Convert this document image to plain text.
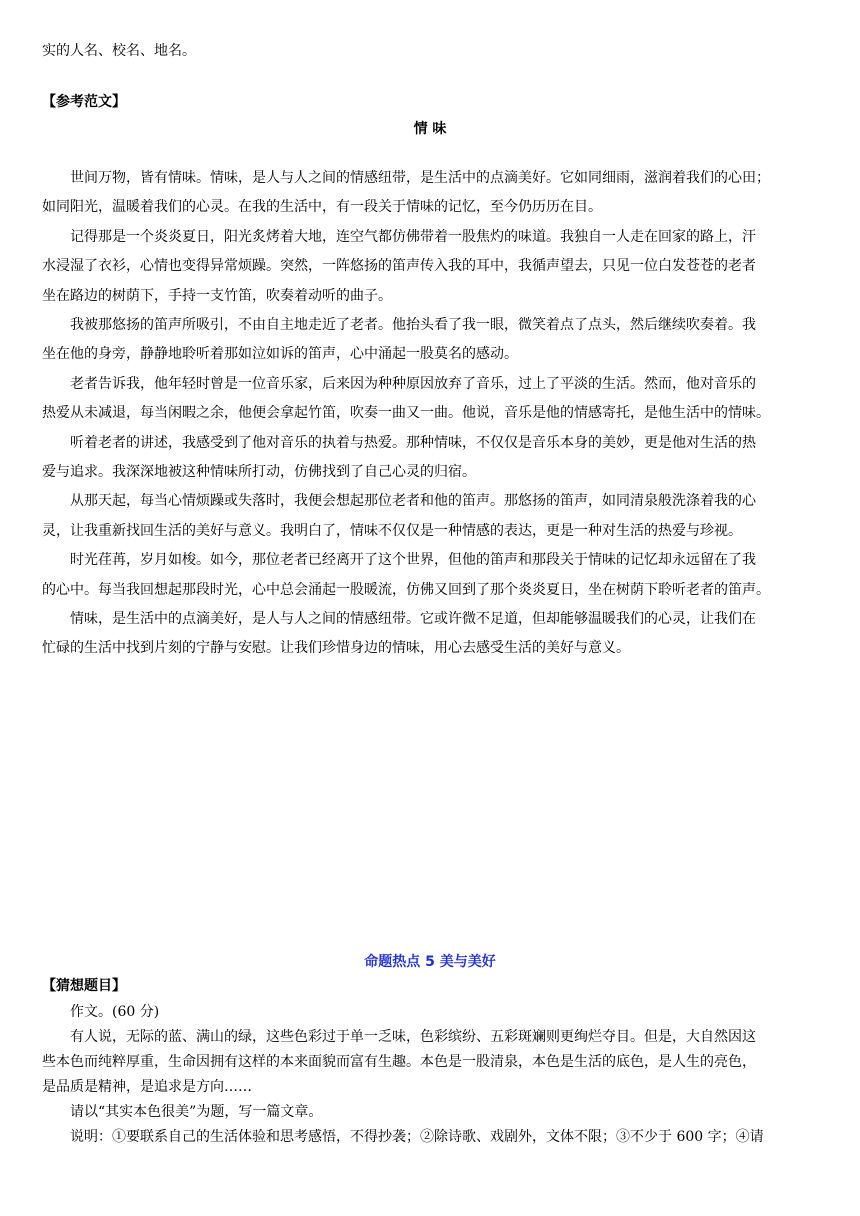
实的人名、校名、地名。
【参考范文】
情 味
世间万物，皆有情味。情味，是人与人之间的情感纽带，是生活中的点滴美好。它如同细雨，滋润着我们的心田；
如同阳光，温暖着我们的心灵。在我的生活中，有一段关于情味的记忆，至今仍历历在目。
记得那是一个炎炎夏日，阳光炙烤着大地，连空气都仿佛带着一股焦灼的味道。我独自一人走在回家的路上，汗
水浸湿了衣衫，心情也变得异常烦躁。突然，一阵悠扬的笛声传入我的耳中，我循声望去，只见一位白发苍苍的老者
坐在路边的树荫下，手持一支竹笛，吹奏着动听的曲子。
我被那悠扬的笛声所吸引，不由自主地走近了老者。他抬头看了我一眼，微笑着点了点头，然后继续吹奏着。我
坐在他的身旁，静静地聆听着那如泣如诉的笛声，心中涌起一股莫名的感动。
老者告诉我，他年轻时曾是一位音乐家，后来因为种种原因放弃了音乐，过上了平淡的生活。然而，他对音乐的
热爱从未减退，每当闲暇之余，他便会拿起竹笛，吹奏一曲又一曲。他说，音乐是他的情感寄托，是他生活中的情味。
听着老者的讲述，我感受到了他对音乐的执着与热爱。那种情味，不仅仅是音乐本身的美妙，更是他对生活的热
爱与追求。我深深地被这种情味所打动，仿佛找到了自己心灵的归宿。
从那天起，每当心情烦躁或失落时，我便会想起那位老者和他的笛声。那悠扬的笛声，如同清泉般洗涤着我的心
灵，让我重新找回生活的美好与意义。我明白了，情味不仅仅是一种情感的表达，更是一种对生活的热爱与珍视。
时光荏苒，岁月如梭。如今，那位老者已经离开了这个世界，但他的笛声和那段关于情味的记忆却永远留在了我
的心中。每当我回想起那段时光，心中总会涌起一股暖流，仿佛又回到了那个炎炎夏日，坐在树荫下聆听老者的笛声。
情味，是生活中的点滴美好，是人与人之间的情感纽带。它或许微不足道，但却能够温暖我们的心灵，让我们在
忙碌的生活中找到片刻的宁静与安慰。让我们珍惜身边的情味，用心去感受生活的美好与意义。
命题热点 5 美与美好
【猜想题目】
作文。(60 分)
有人说，无际的蓝、满山的绿，这些色彩过于单一乏味，色彩缤纷、五彩斑斓则更绚烂夺目。但是，大自然因这
些本色而纯粹厚重，生命因拥有这样的本来面貌而富有生趣。本色是一股清泉，本色是生活的底色，是人生的亮色，
是品质是精神，是追求是方向……
请以“其实本色很美”为题，写一篇文章。
说明：①要联系自己的生活体验和思考感悟，不得抄袭；②除诗歌、戏剧外，文体不限；③不少于 600 字；④请
